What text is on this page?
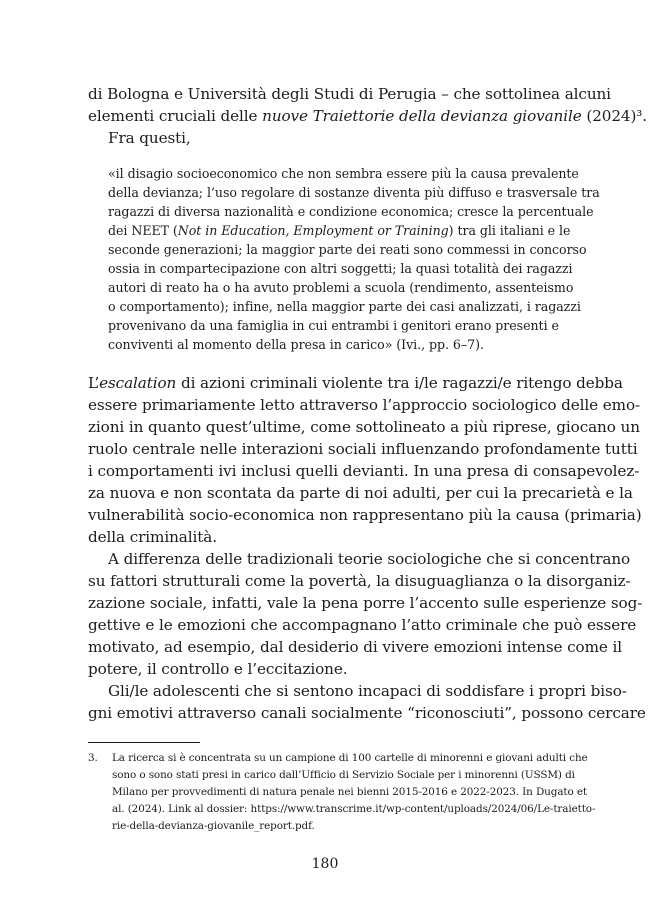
di Bologna e Università degli Studi di Perugia – che sottolinea alcuni
elementi cruciali delle nuove Traiettorie della devianza giovanile (2024)³.
Fra questi,
«il disagio socioeconomico che non sembra essere più la causa prevalente
della devianza; l’uso regolare di sostanze diventa più diffuso e trasversale tra
ragazzi di diversa nazionalità e condizione economica; cresce la percentuale
dei NEET (Not in Education, Employment or Training) tra gli italiani e le
seconde generazioni; la maggior parte dei reati sono commessi in concorso
ossia in compartecipazione con altri soggetti; la quasi totalità dei ragazzi
autori di reato ha o ha avuto problemi a scuola (rendimento, assenteismo
o comportamento); infine, nella maggior parte dei casi analizzati, i ragazzi
provenivano da una famiglia in cui entrambi i genitori erano presenti e
conviventi al momento della presa in carico» (Ivi., pp. 6–7).
L’escalation di azioni criminali violente tra i/le ragazzi/e ritengo debba
essere primariamente letto attraverso l’approccio sociologico delle emo-
zioni in quanto quest’ultime, come sottolineato a più riprese, giocano un
ruolo centrale nelle interazioni sociali influenzando profondamente tutti
i comportamenti ivi inclusi quelli devianti. In una presa di consapevolez-
za nuova e non scontata da parte di noi adulti, per cui la precarietà e la
vulnerabilità socio-economica non rappresentano più la causa (primaria)
della criminalità.
A differenza delle tradizionali teorie sociologiche che si concentrano
su fattori strutturali come la povertà, la disuguaglianza o la disorganiz-
zazione sociale, infatti, vale la pena porre l’accento sulle esperienze sog-
gettive e le emozioni che accompagnano l’atto criminale che può essere
motivato, ad esempio, dal desiderio di vivere emozioni intense come il
potere, il controllo e l’eccitazione.
Gli/le adolescenti che si sentono incapaci di soddisfare i propri biso-
gni emotivi attraverso canali socialmente “riconosciuti”, possono cercare
3. La ricerca si è concentrata su un campione di 100 cartelle di minorenni e giovani adulti che
sono o sono stati presi in carico dall’Ufficio di Servizio Sociale per i minorenni (USSM) di
Milano per provvedimenti di natura penale nei bienni 2015-2016 e 2022-2023. In Dugato et
al. (2024). Link al dossier: https://www.transcrime.it/wp-content/uploads/2024/06/Le-traietto-
rie-della-devianza-giovanile_report.pdf.
180
